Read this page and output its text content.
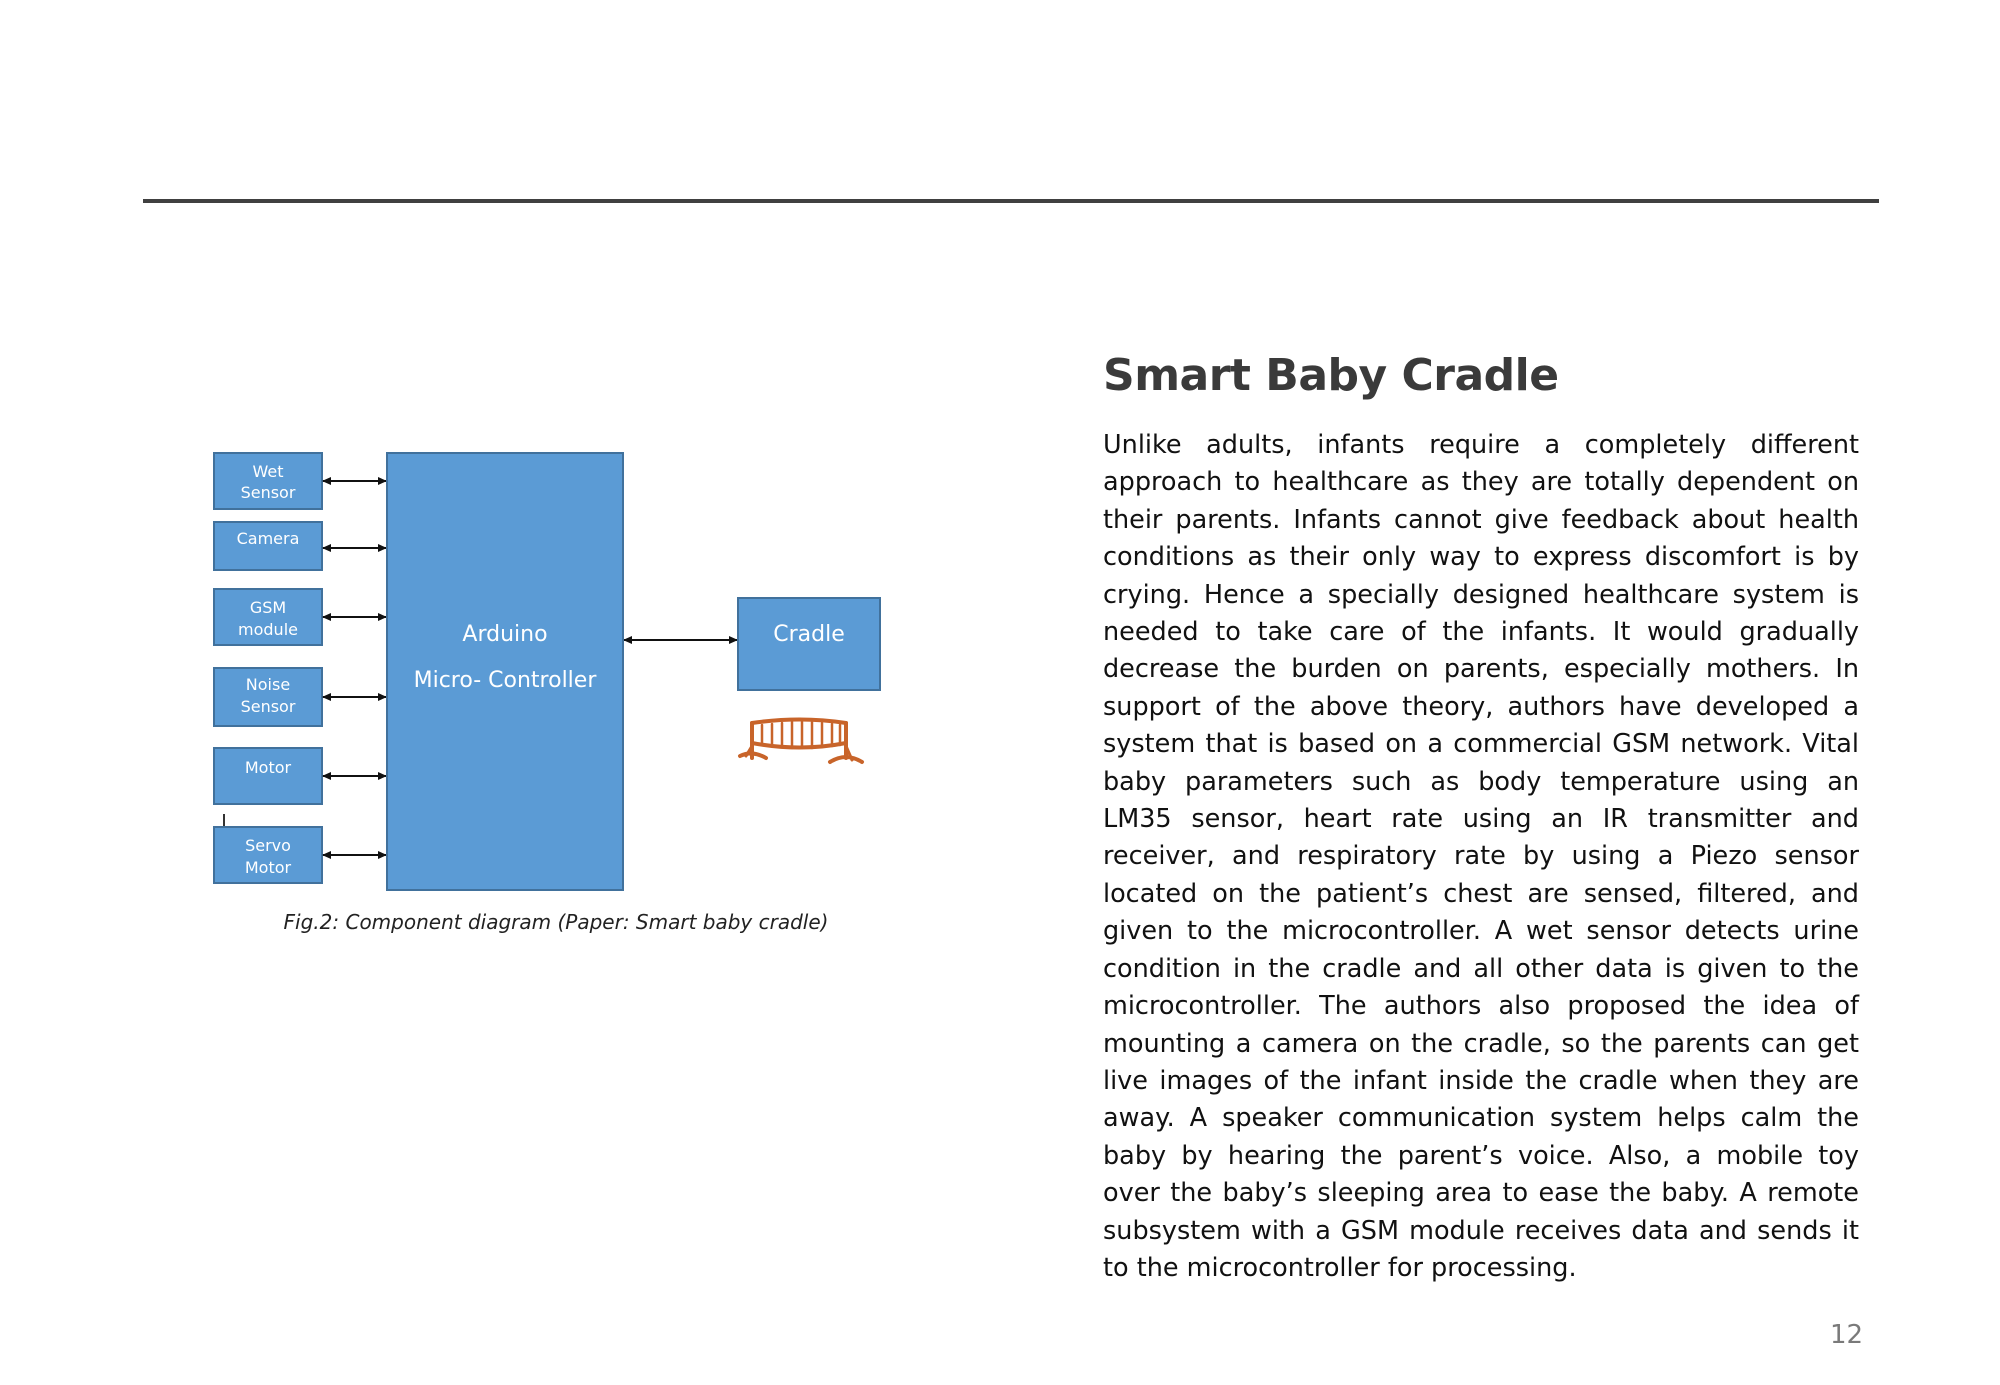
Wet
Sensor
Camera
GSM
module
Noise
Sensor
Motor
Servo
Motor
Arduino
Micro- Controller
Cradle
Fig.2: Component diagram (Paper: Smart baby cradle)
Smart Baby Cradle
Unlike adults, infants require a completely different approach to healthcare as they are totally dependent on their parents. Infants cannot give feedback about health conditions as their only way to express discomfort is by crying. Hence a specially designed healthcare system is needed to take care of the infants. It would gradually decrease the burden on parents, especially mothers. In support of the above theory, authors have developed a system that is based on a commercial GSM network. Vital baby parameters such as body temperature using an LM35 sensor, heart rate using an IR transmitter and receiver, and respiratory rate by using a Piezo sensor located on the patient’s chest are sensed, filtered, and given to the microcontroller. A wet sensor detects urine condition in the cradle and all other data is given to the microcontroller. The authors also proposed the idea of mounting a camera on the cradle, so the parents can get live images of the infant inside the cradle when they are away. A speaker communication system helps calm the baby by hearing the parent’s voice. Also, a mobile toy over the baby’s sleeping area to ease the baby. A remote subsystem with a GSM module receives data and sends it to the microcontroller for processing.
12
